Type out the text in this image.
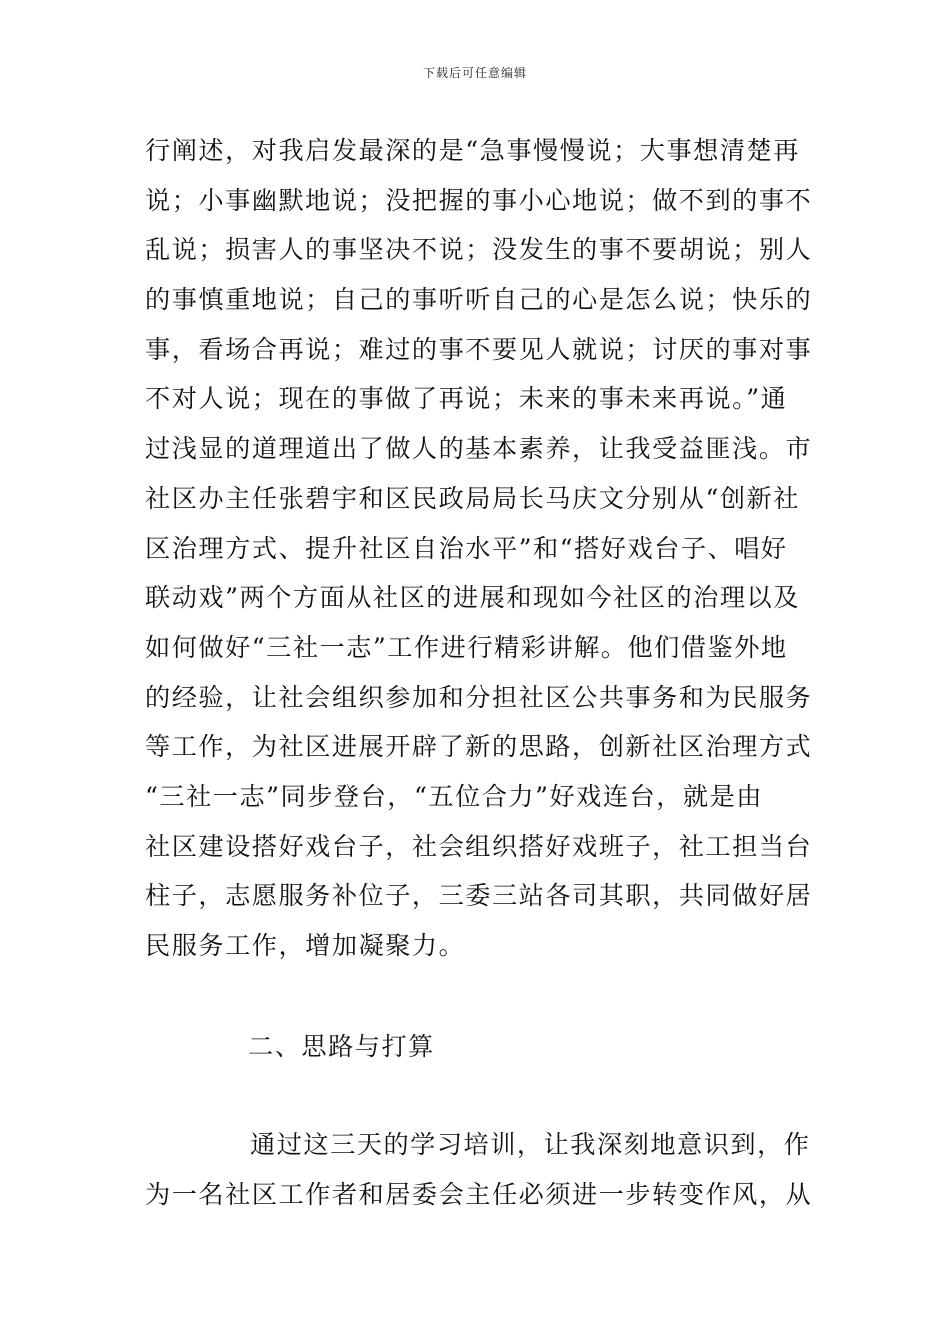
下载后可任意编辑
行阐述，对我启发最深的是“急事慢慢说；大事想清楚再
说；小事幽默地说；没把握的事小心地说；做不到的事不
乱说；损害人的事坚决不说；没发生的事不要胡说；别人
的事慎重地说；自己的事听听自己的心是怎么说；快乐的
事，看场合再说；难过的事不要见人就说；讨厌的事对事
不对人说；现在的事做了再说；未来的事未来再说。”通
过浅显的道理道出了做人的基本素养，让我受益匪浅。市
社区办主任张碧宇和区民政局局长马庆文分别从“创新社
区治理方式、提升社区自治水平”和“搭好戏台子、唱好
联动戏”两个方面从社区的进展和现如今社区的治理以及
如何做好“三社一志”工作进行精彩讲解。他们借鉴外地
的经验，让社会组织参加和分担社区公共事务和为民服务
等工作，为社区进展开辟了新的思路，创新社区治理方式
“三社一志”同步登台，“五位合力”好戏连台，就是由
社区建设搭好戏台子，社会组织搭好戏班子，社工担当台
柱子，志愿服务补位子，三委三站各司其职，共同做好居
民服务工作，增加凝聚力。
二、思路与打算
通过这三天的学习培训，让我深刻地意识到，作
为一名社区工作者和居委会主任必须进一步转变作风，从
